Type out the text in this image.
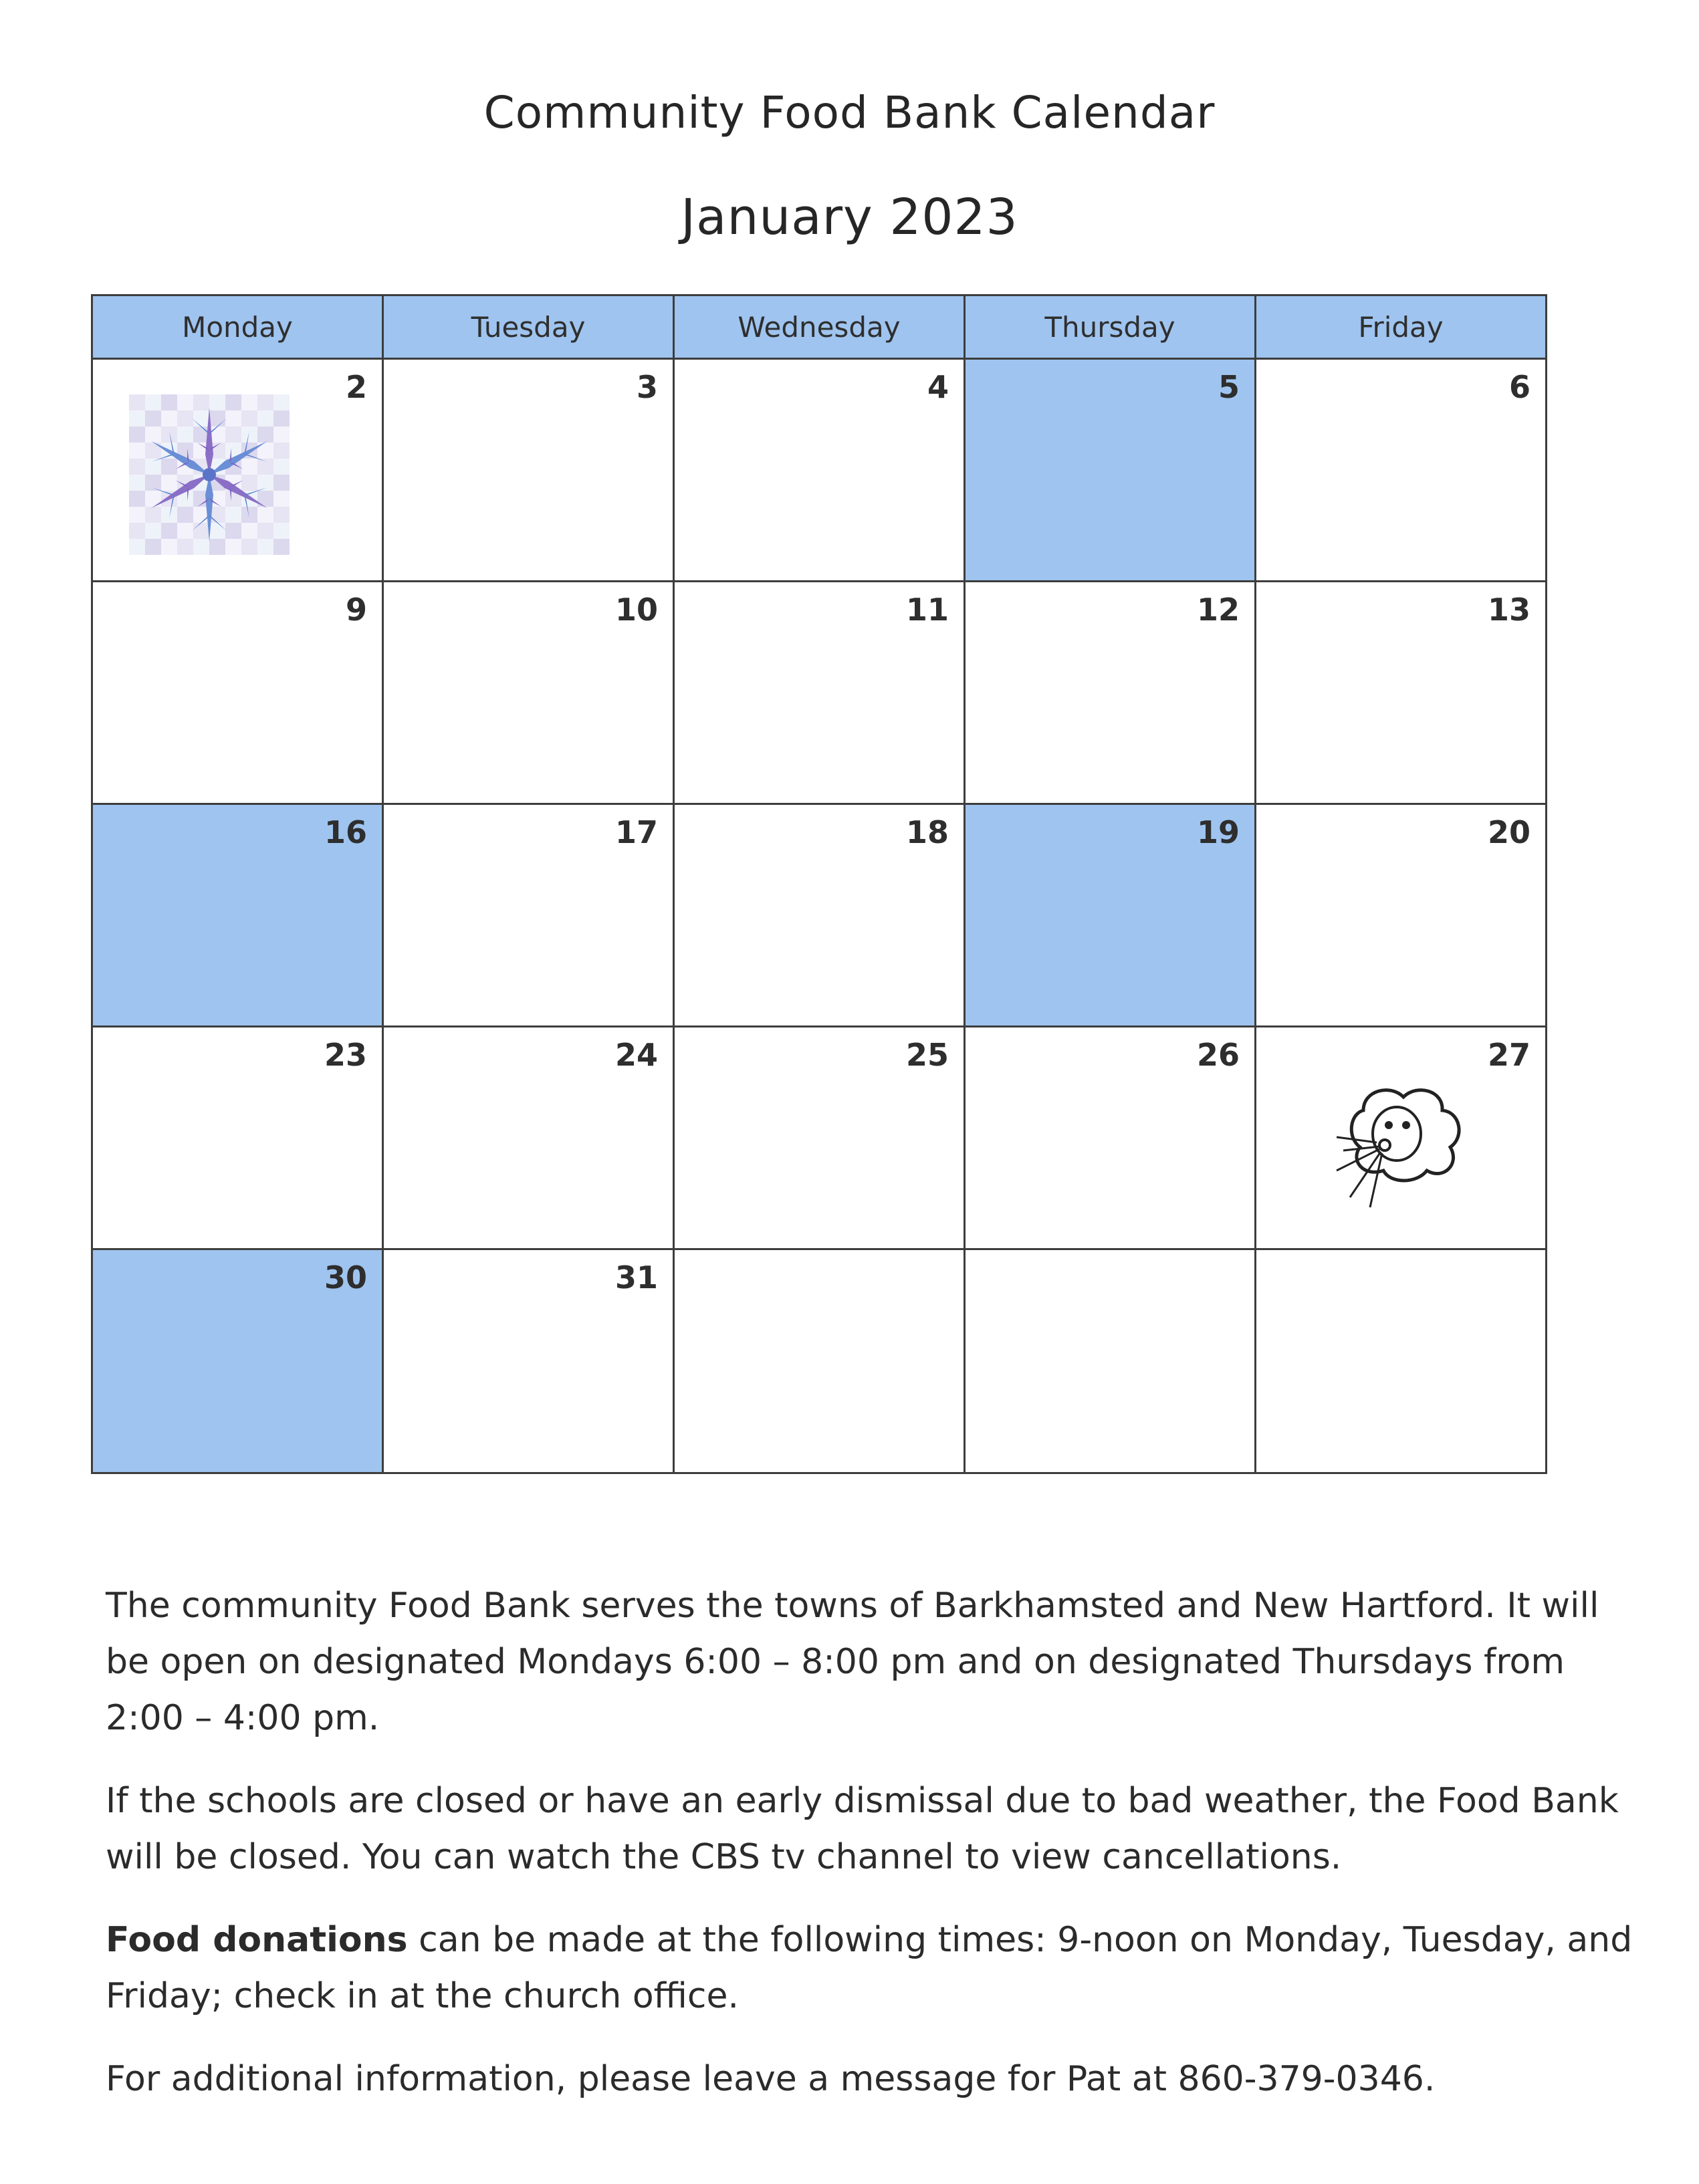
Community Food Bank Calendar
January 2023
Monday	Tuesday	Wednesday	Thursday	Friday

2	3	4	5	6

9	10	11	12	13

16	17	18	19	20

23	24	25	26	27

30	31			

The community Food Bank serves the towns of Barkhamsted and New Hartford. It will be open on designated Mondays 6:00 – 8:00 pm and on designated Thursdays from 2:00 – 4:00 pm.

If the schools are closed or have an early dismissal due to bad weather, the Food Bank will be closed. You can watch the CBS tv channel to view cancellations.

Food donations can be made at the following times: 9-noon on Monday, Tuesday, and Friday; check in at the church office.

For additional information, please leave a message for Pat at 860-379-0346.
